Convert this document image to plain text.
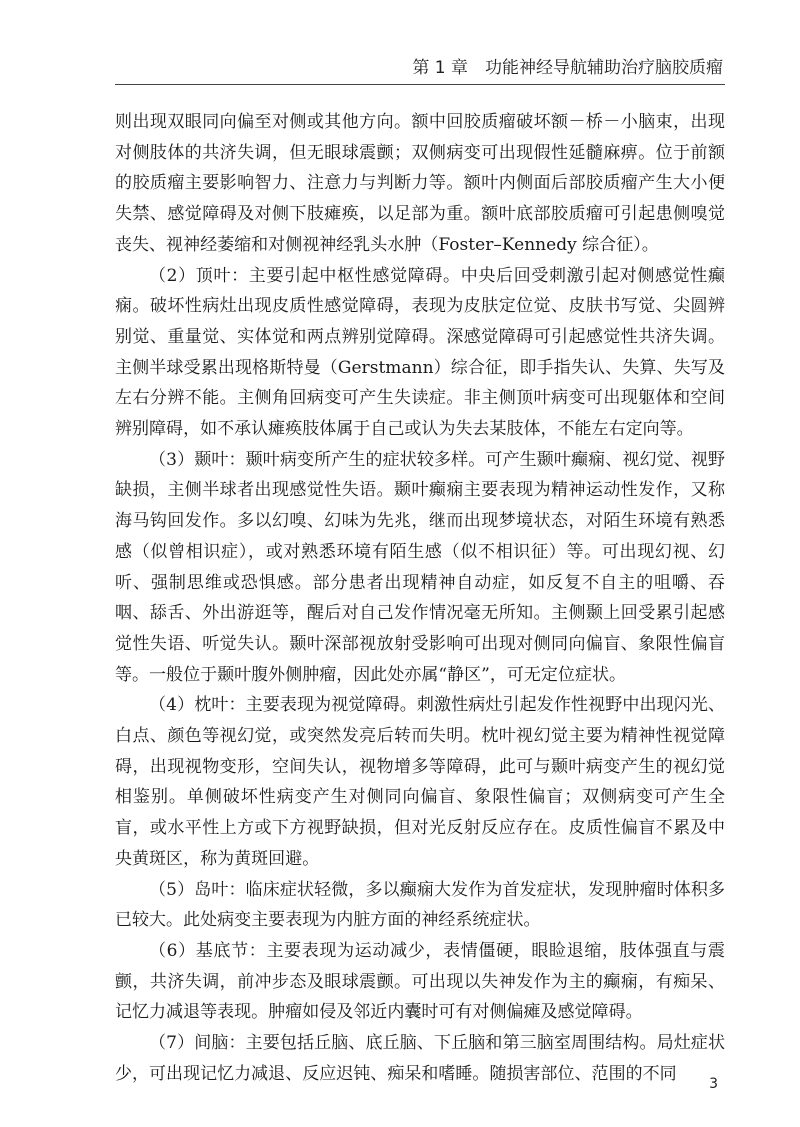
第 1 章　功能神经导航辅助治疗脑胶质瘤

则出现双眼同向偏至对侧或其他方向。额中回胶质瘤破坏额－桥－小脑束，出现对侧肢体的共济失调，但无眼球震颤；双侧病变可出现假性延髓麻痹。位于前额的胶质瘤主要影响智力、注意力与判断力等。额叶内侧面后部胶质瘤产生大小便失禁、感觉障碍及对侧下肢瘫痪，以足部为重。额叶底部胶质瘤可引起患侧嗅觉丧失、视神经萎缩和对侧视神经乳头水肿（Foster–Kennedy 综合征）。

（2）顶叶：主要引起中枢性感觉障碍。中央后回受刺激引起对侧感觉性癫痫。破坏性病灶出现皮质性感觉障碍，表现为皮肤定位觉、皮肤书写觉、尖圆辨别觉、重量觉、实体觉和两点辨别觉障碍。深感觉障碍可引起感觉性共济失调。主侧半球受累出现格斯特曼（Gerstmann）综合征，即手指失认、失算、失写及左右分辨不能。主侧角回病变可产生失读症。非主侧顶叶病变可出现躯体和空间辨别障碍，如不承认瘫痪肢体属于自己或认为失去某肢体，不能左右定向等。

（3）颞叶：颞叶病变所产生的症状较多样。可产生颞叶癫痫、视幻觉、视野缺损，主侧半球者出现感觉性失语。颞叶癫痫主要表现为精神运动性发作，又称海马钩回发作。多以幻嗅、幻味为先兆，继而出现梦境状态，对陌生环境有熟悉感（似曾相识症），或对熟悉环境有陌生感（似不相识征）等。可出现幻视、幻听、强制思维或恐惧感。部分患者出现精神自动症，如反复不自主的咀嚼、吞咽、舔舌、外出游逛等，醒后对自己发作情况毫无所知。主侧颞上回受累引起感觉性失语、听觉失认。颞叶深部视放射受影响可出现对侧同向偏盲、象限性偏盲等。一般位于颞叶腹外侧肿瘤，因此处亦属“静区”，可无定位症状。

（4）枕叶：主要表现为视觉障碍。刺激性病灶引起发作性视野中出现闪光、白点、颜色等视幻觉，或突然发亮后转而失明。枕叶视幻觉主要为精神性视觉障碍，出现视物变形，空间失认，视物增多等障碍，此可与颞叶病变产生的视幻觉相鉴别。单侧破坏性病变产生对侧同向偏盲、象限性偏盲；双侧病变可产生全盲，或水平性上方或下方视野缺损，但对光反射反应存在。皮质性偏盲不累及中央黄斑区，称为黄斑回避。

（5）岛叶：临床症状轻微，多以癫痫大发作为首发症状，发现肿瘤时体积多已较大。此处病变主要表现为内脏方面的神经系统症状。

（6）基底节：主要表现为运动减少，表情僵硬，眼睑退缩，肢体强直与震颤，共济失调，前冲步态及眼球震颤。可出现以失神发作为主的癫痫，有痴呆、记忆力减退等表现。肿瘤如侵及邻近内囊时可有对侧偏瘫及感觉障碍。

（7）间脑：主要包括丘脑、底丘脑、下丘脑和第三脑室周围结构。局灶症状少，可出现记忆力减退、反应迟钝、痴呆和嗜睡。随损害部位、范围的不同

3
